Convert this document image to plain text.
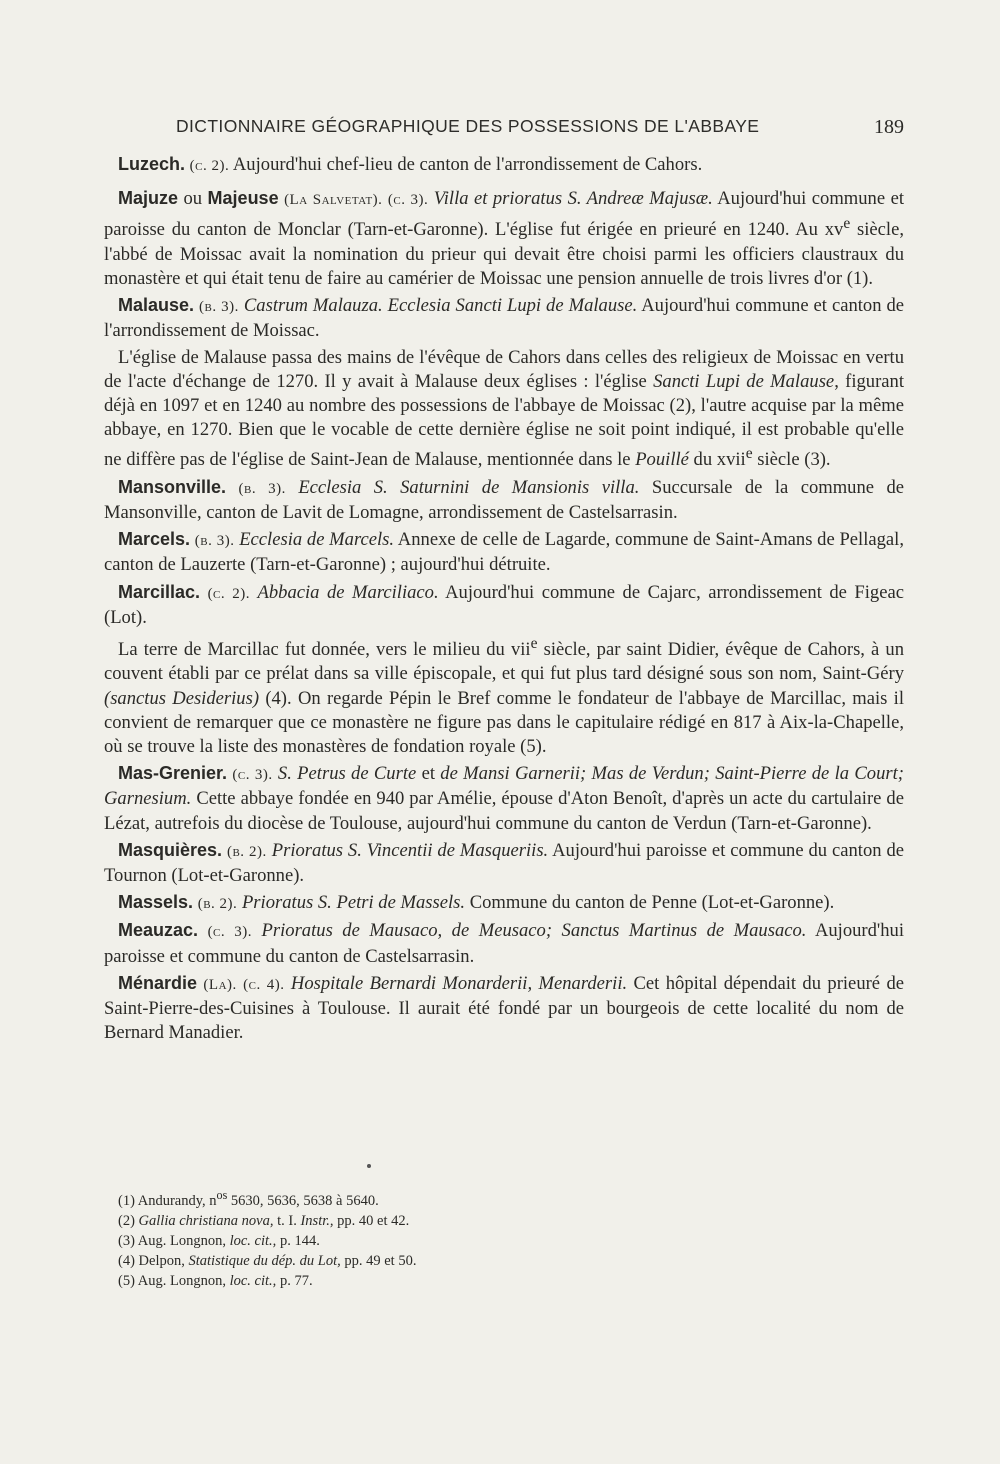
DICTIONNAIRE GÉOGRAPHIQUE DES POSSESSIONS DE L'ABBAYE	189

Luzech. (c. 2). Aujourd'hui chef-lieu de canton de l'arrondissement de Cahors.

Majuze ou Majeuse (La Salvetat). (c. 3). Villa et prioratus S. Andreæ Majusæ. Aujourd'hui commune et paroisse du canton de Monclar (Tarn-et-Garonne). L'église fut érigée en prieuré en 1240. Au $xv^e$ siècle, l'abbé de Moissac avait la nomination du prieur qui devait être choisi parmi les officiers claustraux du monastère et qui était tenu de faire au camérier de Moissac une pension annuelle de trois livres d'or (1).

Malause. (b. 3). Castrum Malauza. Ecclesia Sancti Lupi de Malause. Aujourd'hui commune et canton de l'arrondissement de Moissac.

L'église de Malause passa des mains de l'évêque de Cahors dans celles des religieux de Moissac en vertu de l'acte d'échange de 1270. Il y avait à Malause deux églises : l'église Sancti Lupi de Malause, figurant déjà en 1097 et en 1240 au nombre des possessions de l'abbaye de Moissac (2), l'autre acquise par la même abbaye, en 1270. Bien que le vocable de cette dernière église ne soit point indiqué, il est probable qu'elle ne diffère pas de l'église de Saint-Jean de Malause, mentionnée dans le Pouillé du xvii$^e$ siècle (3).

Mansonville. (b. 3). Ecclesia S. Saturnini de Mansionis villa. Succursale de la commune de Mansonville, canton de Lavit de Lomagne, arrondissement de Castelsarrasin.

Marcels. (b. 3). Ecclesia de Marcels. Annexe de celle de Lagarde, commune de Saint-Amans de Pellagal, canton de Lauzerte (Tarn-et-Garonne) ; aujourd'hui détruite.

Marcillac. (c. 2). Abbacia de Marciliaco. Aujourd'hui commune de Cajarc, arrondissement de Figeac (Lot).

La terre de Marcillac fut donnée, vers le milieu du vii$^e$ siècle, par saint Didier, évêque de Cahors, à un couvent établi par ce prélat dans sa ville épiscopale, et qui fut plus tard désigné sous son nom, Saint-Géry (sanctus Desiderius) (4). On regarde Pépin le Bref comme le fondateur de l'abbaye de Marcillac, mais il convient de remarquer que ce monastère ne figure pas dans le capitulaire rédigé en 817 à Aix-la-Chapelle, où se trouve la liste des monastères de fondation royale (5).

Mas-Grenier. (c. 3). S. Petrus de Curte et de Mansi Garnerii; Mas de Verdun; Saint-Pierre de la Court; Garnesium. Cette abbaye fondée en 940 par Amélie, épouse d'Aton Benoît, d'après un acte du cartulaire de Lézat, autrefois du diocèse de Toulouse, aujourd'hui commune du canton de Verdun (Tarn-et-Garonne).

Masquières. (b. 2). Prioratus S. Vincentii de Masqueriis. Aujourd'hui paroisse et commune du canton de Tournon (Lot-et-Garonne).

Massels. (b. 2). Prioratus S. Petri de Massels. Commune du canton de Penne (Lot-et-Garonne).

Meauzac. (c. 3). Prioratus de Mausaco, de Meusaco; Sanctus Martinus de Mausaco. Aujourd'hui paroisse et commune du canton de Castelsarrasin.

Ménardie (La). (c. 4). Hospitale Bernardi Monarderii, Menarderii. Cet hôpital dépendait du prieuré de Saint-Pierre-des-Cuisines à Toulouse. Il aurait été fondé par un bourgeois de cette localité du nom de Bernard Manadier.

(1) Andurandy, $n^{os}$ 5630, 5636, 5638 à 5640.

(2) Gallia christiana nova, t. I. Instr., pp. 40 et 42.

(3) Aug. Longnon, loc. cit., p. 144.

(4) Delpon, Statistique du dép. du Lot, pp. 49 et 50.

(5) Aug. Longnon, loc. cit., p. 77.
